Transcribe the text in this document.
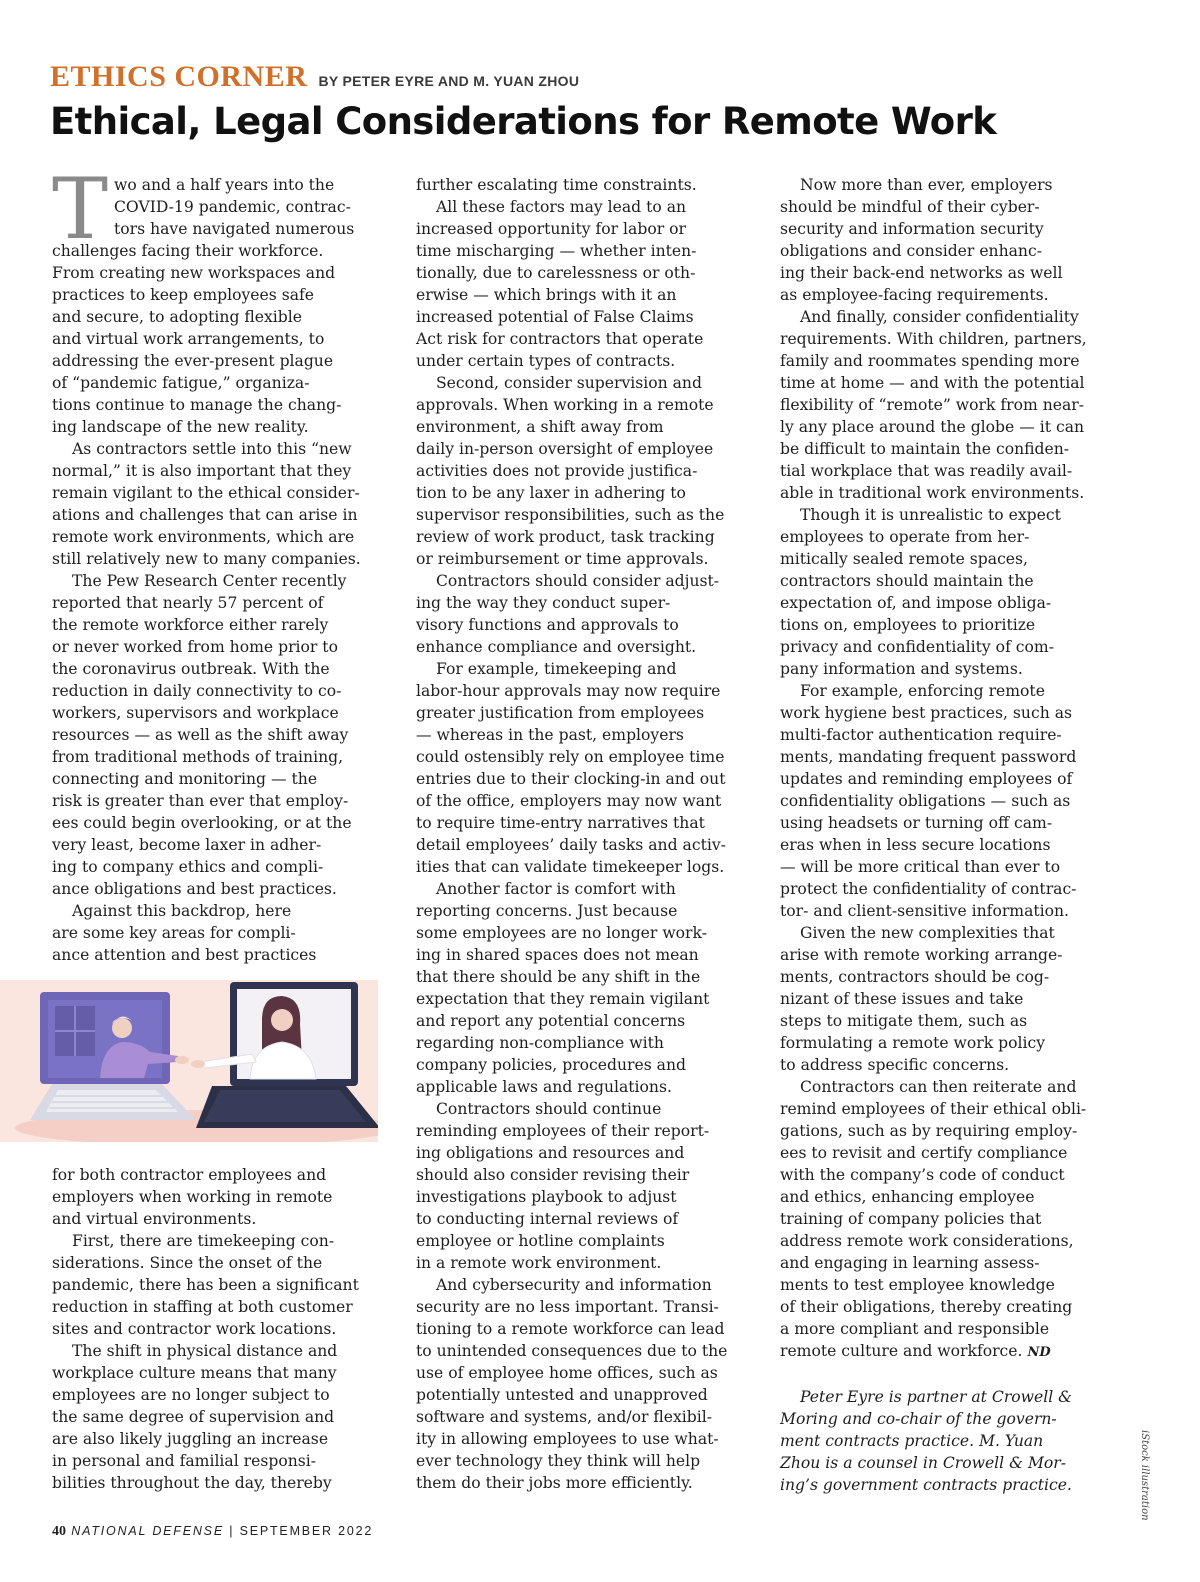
ETHICS CORNER BY PETER EYRE AND M. YUAN ZHOU
Ethical, Legal Considerations for Remote Work
T wo and a half years into the

COVID-19 pandemic, contrac-

tors have navigated numerous

challenges facing their workforce.

From creating new workspaces and

practices to keep employees safe

and secure, to adopting flexible

and virtual work arrangements, to

addressing the ever-present plague

of “pandemic fatigue,” organiza-

tions continue to manage the chang-

ing landscape of the new reality.

As contractors settle into this “new

normal,” it is also important that they

remain vigilant to the ethical consider-

ations and challenges that can arise in

remote work environments, which are

still relatively new to many companies.

The Pew Research Center recently

reported that nearly 57 percent of

the remote workforce either rarely

or never worked from home prior to

the coronavirus outbreak. With the

reduction in daily connectivity to co-

workers, supervisors and workplace

resources — as well as the shift away

from traditional methods of training,

connecting and monitoring — the

risk is greater than ever that employ-

ees could begin overlooking, or at the

very least, become laxer in adher-

ing to company ethics and compli-

ance obligations and best practices.

Against this backdrop, here

are some key areas for compli-

ance attention and best practices

for both contractor employees and

employers when working in remote

and virtual environments.

First, there are timekeeping con-

siderations. Since the onset of the

pandemic, there has been a significant

reduction in staffing at both customer

sites and contractor work locations.

The shift in physical distance and

workplace culture means that many

employees are no longer subject to

the same degree of supervision and

are also likely juggling an increase

in personal and familial responsi-

bilities throughout the day, thereby

further escalating time constraints.

All these factors may lead to an

increased opportunity for labor or

time mischarging — whether inten-

tionally, due to carelessness or oth-

erwise — which brings with it an

increased potential of False Claims

Act risk for contractors that operate

under certain types of contracts.

Second, consider supervision and

approvals. When working in a remote

environment, a shift away from

daily in-person oversight of employee

activities does not provide justifica-

tion to be any laxer in adhering to

supervisor responsibilities, such as the

review of work product, task tracking

or reimbursement or time approvals.

Contractors should consider adjust-

ing the way they conduct super-

visory functions and approvals to

enhance compliance and oversight.

For example, timekeeping and

labor-hour approvals may now require

greater justification from employees

— whereas in the past, employers

could ostensibly rely on employee time

entries due to their clocking-in and out

of the office, employers may now want

to require time-entry narratives that

detail employees’ daily tasks and activ-

ities that can validate timekeeper logs.

Another factor is comfort with

reporting concerns. Just because

some employees are no longer work-

ing in shared spaces does not mean

that there should be any shift in the

expectation that they remain vigilant

and report any potential concerns

regarding non-compliance with

company policies, procedures and

applicable laws and regulations.

Contractors should continue

reminding employees of their report-

ing obligations and resources and

should also consider revising their

investigations playbook to adjust

to conducting internal reviews of

employee or hotline complaints

in a remote work environment.

And cybersecurity and information

security are no less important. Transi-

tioning to a remote workforce can lead

to unintended consequences due to the

use of employee home offices, such as

potentially untested and unapproved

software and systems, and/or flexibil-

ity in allowing employees to use what-

ever technology they think will help

them do their jobs more efficiently.

Now more than ever, employers

should be mindful of their cyber-

security and information security

obligations and consider enhanc-

ing their back-end networks as well

as employee-facing requirements.

And finally, consider confidentiality

requirements. With children, partners,

family and roommates spending more

time at home — and with the potential

flexibility of “remote” work from near-

ly any place around the globe — it can

be difficult to maintain the confiden-

tial workplace that was readily avail-

able in traditional work environments.

Though it is unrealistic to expect

employees to operate from her-

mitically sealed remote spaces,

contractors should maintain the

expectation of, and impose obliga-

tions on, employees to prioritize

privacy and confidentiality of com-

pany information and systems.

For example, enforcing remote

work hygiene best practices, such as

multi-factor authentication require-

ments, mandating frequent password

updates and reminding employees of

confidentiality obligations — such as

using headsets or turning off cam-

eras when in less secure locations

— will be more critical than ever to

protect the confidentiality of contrac-

tor- and client-sensitive information.

Given the new complexities that

arise with remote working arrange-

ments, contractors should be cog-

nizant of these issues and take

steps to mitigate them, such as

formulating a remote work policy

to address specific concerns.

Contractors can then reiterate and

remind employees of their ethical obli-

gations, such as by requiring employ-

ees to revisit and certify compliance

with the company’s code of conduct

and ethics, enhancing employee

training of company policies that

address remote work considerations,

and engaging in learning assess-

ments to test employee knowledge

of their obligations, thereby creating

a more compliant and responsible

remote culture and workforce. ND

Peter Eyre is partner at Crowell &

Moring and co-chair of the govern-

ment contracts practice. M. Yuan

Zhou is a counsel in Crowell & Mor-

ing’s government contracts practice.	iStock illustration
40 NATIONAL DEFENSE | SEPTEMBER 2022
